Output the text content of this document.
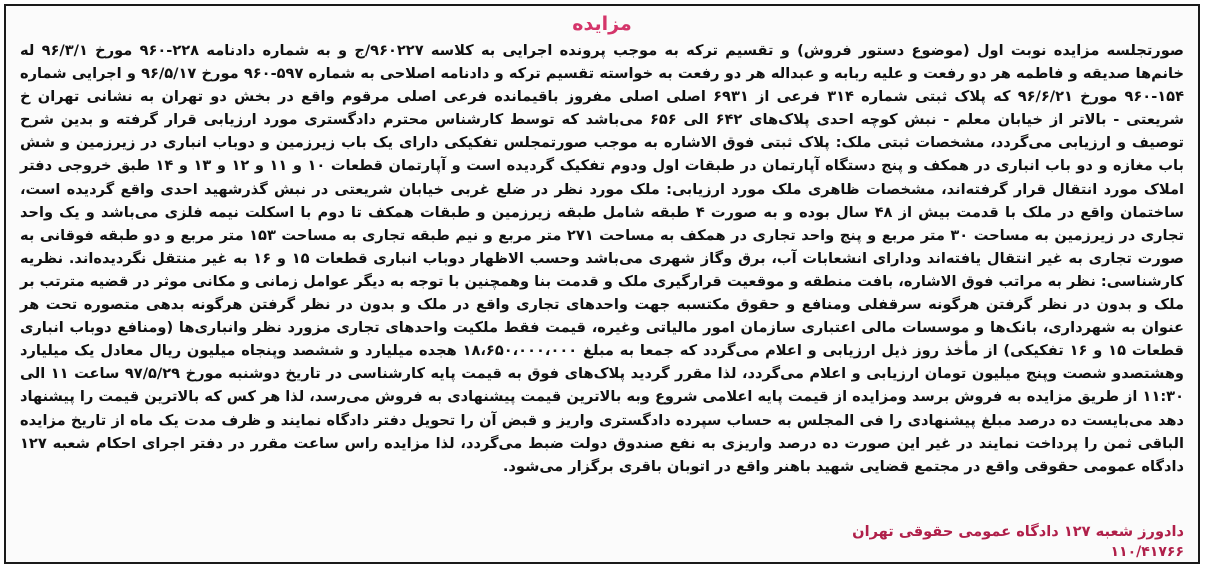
مزایده

صورتجلسه مزایده نوبت اول (موضوع دستور فروش) و تقسیم ترکه به موجب پرونده اجرایی به کلاسه ۹۶۰۲۲۷/ج و به شماره دادنامه ۲۲۸-۹۶۰ مورخ ۹۶/۳/۱ له خانم‌ها صدیقه و فاطمه هر دو رفعت و علیه ربابه و عبداله هر دو رفعت به خواسته تقسیم ترکه و دادنامه اصلاحی به شماره ۵۹۷-۹۶۰ مورخ ۹۶/۵/۱۷ و اجرایی شماره ۱۵۴-۹۶۰ مورخ ۹۶/۶/۲۱ که پلاک ثبتی شماره ۳۱۴ فرعی از ۶۹۳۱ اصلی اصلی مفروز باقیمانده فرعی اصلی مرقوم واقع در بخش دو تهران به نشانی تهران خ شریعتی - بالاتر از خیابان معلم - نبش کوچه احدی پلاک‌های ۶۴۲ الی ۶۵۶ می‌باشد که توسط کارشناس محترم دادگستری مورد ارزیابی قرار گرفته و بدین شرح توصیف و ارزیابی می‌گردد، مشخصات ثبتی ملک: پلاک ثبتی فوق الاشاره به موجب صورتمجلس تفکیکی دارای یک باب زیرزمین و دوباب انباری در زیرزمین و شش باب مغازه و دو باب انباری در همکف و پنج دستگاه آپارتمان در طبقات اول ودوم تفکیک گردیده است و آپارتمان قطعات ۱۰ و ۱۱ و ۱۲ و ۱۳ و ۱۴ طبق خروجی دفتر املاک مورد انتقال قرار گرفته‌اند، مشخصات ظاهری ملک مورد ارزیابی: ملک مورد نظر در ضلع غربی خیابان شریعتی در نبش گذرشهید احدی واقع گردیده است، ساختمان واقع در ملک با قدمت بیش از ۴۸ سال بوده و به صورت ۴ طبقه شامل طبقه زیرزمین و طبقات همکف تا دوم با اسکلت نیمه فلزی می‌باشد و یک واحد تجاری در زیرزمین به مساحت ۳۰ متر مربع و پنج واحد تجاری در همکف به مساحت ۲۷۱ متر مربع و نیم طبقه تجاری به مساحت ۱۵۳ متر مربع و دو طبقه فوقانی به صورت تجاری به غیر انتقال یافته‌اند ودارای انشعابات آب، برق وگاز شهری می‌باشد وحسب الاظهار دوباب انباری قطعات ۱۵ و ۱۶ به غیر منتقل نگردیده‌اند. نظریه کارشناسی: نظر به مراتب فوق الاشاره، بافت منطقه و موقعیت قرارگیری ملک و قدمت بنا وهمچنین با توجه به دیگر عوامل زمانی و مکانی موثر در قضیه مترتب بر ملک و بدون در نظر گرفتن هرگونه سرقفلی ومنافع و حقوق مکتسبه جهت واحدهای تجاری واقع در ملک و بدون در نظر گرفتن هرگونه بدهی متصوره تحت هر عنوان به شهرداری، بانک‌ها و موسسات مالی اعتباری سازمان امور مالیاتی وغیره، قیمت فقط ملکیت واحدهای تجاری مزورد نظر وانباری‌ها (ومنافع دوباب انباری قطعات ۱۵ و ۱۶ تفکیکی) از مأخذ روز ذیل ارزیابی و اعلام می‌گردد که جمعا به مبلغ ۱۸،۶۵۰،۰۰۰،۰۰۰ هجده میلیارد و ششصد وپنجاه میلیون ریال معادل یک میلیارد وهشتصدو شصت وپنج میلیون تومان ارزیابی و اعلام می‌گردد، لذا مقرر گردید پلاک‌های فوق به قیمت پایه کارشناسی در تاریخ دوشنبه مورخ ۹۷/۵/۲۹ ساعت ۱۱ الی ۱۱:۳۰ از طریق مزایده به فروش برسد ومزایده از قیمت پایه اعلامی شروع وبه بالاترین قیمت پیشنهادی به فروش می‌رسد، لذا هر کس که بالاترین قیمت را پیشنهاد دهد می‌بایست ده درصد مبلغ پیشنهادی را فی المجلس به حساب سپرده دادگستری واریز و قبض آن را تحویل دفتر دادگاه نمایند و ظرف مدت یک ماه از تاریخ مزایده الباقی ثمن را پرداخت نمایند در غیر این صورت ده درصد واریزی به نفع صندوق دولت ضبط می‌گردد، لذا مزایده راس ساعت مقرر در دفتر اجرای احکام شعبه ۱۲۷ دادگاه عمومی حقوقی واقع در مجتمع قضایی شهید باهنر واقع در اتوبان باقری برگزار می‌شود.

دادورز شعبه ۱۲۷ دادگاه عمومی حقوقی تهران
۱۱۰/۴۱۷۶۶
